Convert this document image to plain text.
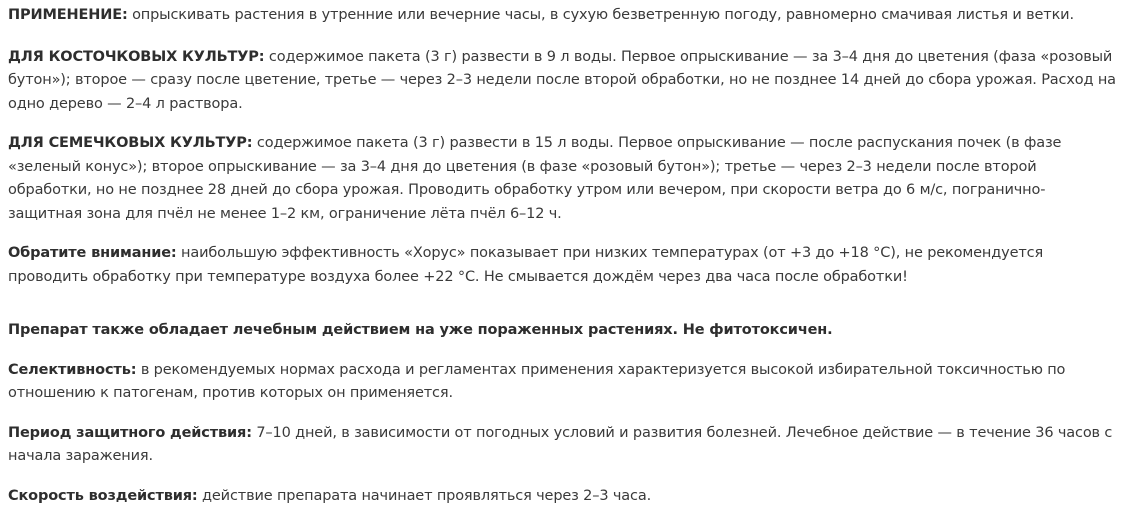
ПРИМЕНЕНИЕ: опрыскивать растения в утренние или вечерние часы, в сухую безветренную погоду, равномерно смачивая листья и ветки.

ДЛЯ КОСТОЧКОВЫХ КУЛЬТУР: содержимое пакета (3 г) развести в 9 л воды. Первое опрыскивание — за 3–4 дня до цветения (фаза «розовый бутон»); второе — сразу после цветение, третье — через 2–3 недели после второй обработки, но не позднее 14 дней до сбора урожая. Расход на одно дерево — 2–4 л раствора.

ДЛЯ СЕМЕЧКОВЫХ КУЛЬТУР: содержимое пакета (3 г) развести в 15 л воды. Первое опрыскивание — после распускания почек (в фазе «зеленый конус»); второе опрыскивание — за 3–4 дня до цветения (в фазе «розовый бутон»); третье — через 2–3 недели после второй обработки, но не позднее 28 дней до сбора урожая. Проводить обработку утром или вечером, при скорости ветра до 6 м/с, погранично-защитная зона для пчёл не менее 1–2 км, ограничение лёта пчёл 6–12 ч.

Обратите внимание: наибольшую эффективность «Хорус» показывает при низких температурах (от +3 до +18 °С), не рекомендуется проводить обработку при температуре воздуха более +22 °С. Не смывается дождём через два часа после обработки!

Препарат также обладает лечебным действием на уже пораженных растениях. Не фитотоксичен.

Селективность: в рекомендуемых нормах расхода и регламентах применения характеризуется высокой избирательной токсичностью по отношению к патогенам, против которых он применяется.

Период защитного действия: 7–10 дней, в зависимости от погодных условий и развития болезней. Лечебное действие — в течение 36 часов с начала заражения.

Скорость воздействия: действие препарата начинает проявляться через 2–3 часа.
